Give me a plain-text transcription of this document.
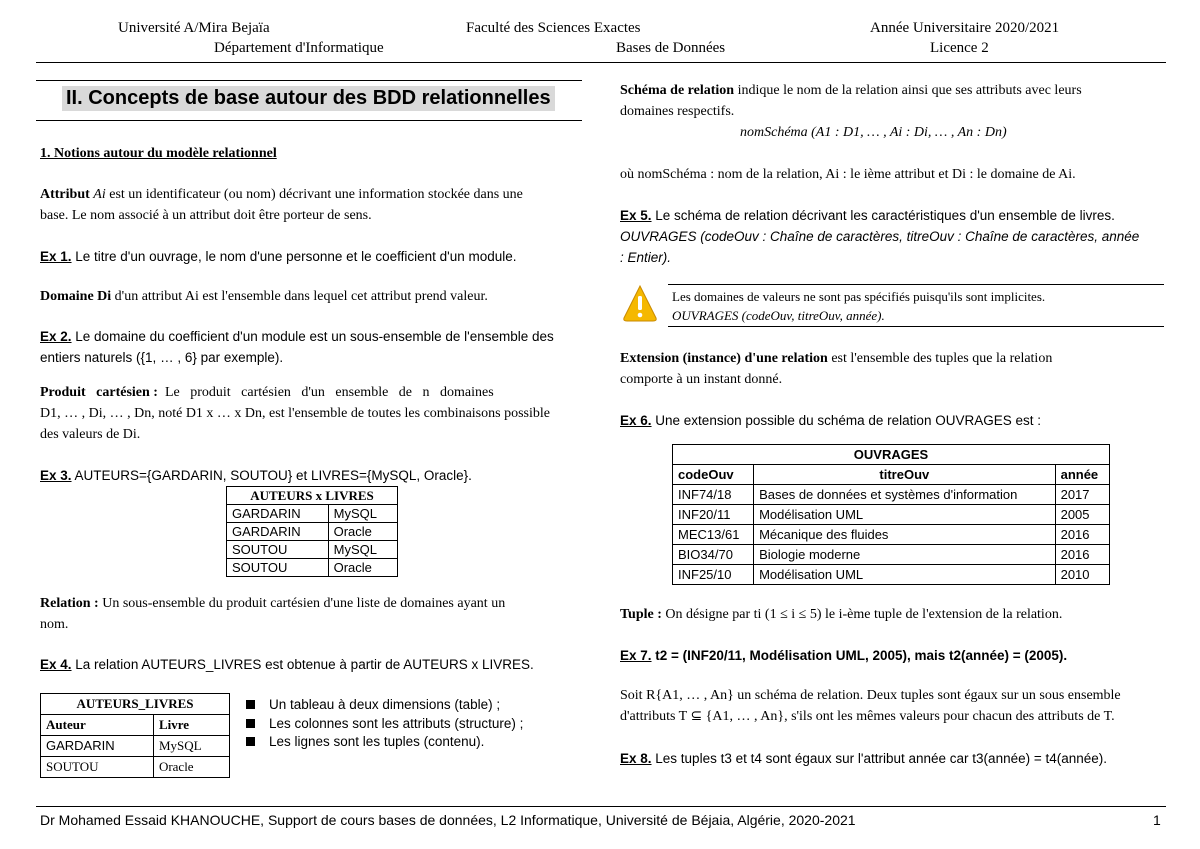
Université A/Mira Bejaïa	Faculté des Sciences Exactes	Année Universitaire 2020/2021
Département d'Informatique	Bases de Données	Licence 2
II. Concepts de base autour des BDD relationnelles
1. Notions autour du modèle relationnel
Attribut Ai est un identificateur (ou nom) décrivant une information stockée dans une
base. Le nom associé à un attribut doit être porteur de sens.
Ex 1. Le titre d'un ouvrage, le nom d'une personne et le coefficient d'un module.
Domaine Di d'un attribut Ai est l'ensemble dans lequel cet attribut prend valeur.
Ex 2. Le domaine du coefficient d'un module est un sous-ensemble de l'ensemble des
entiers naturels ({1, … , 6} par exemple).
Produit   cartésien :  Le   produit   cartésien   d'un   ensemble   de   n   domaines
D1, … , Di, … , Dn, noté D1 x … x Dn, est l'ensemble de toutes les combinaisons possible
des valeurs de Di.
Ex 3. AUTEURS={GARDARIN, SOUTOU} et LIVRES={MySQL, Oracle}.
AUTEURS x LIVRES	
GARDARIN	MySQL
GARDARIN	Oracle
SOUTOU	MySQL
SOUTOU	Oracle
Relation : Un sous-ensemble du produit cartésien d'une liste de domaines ayant un
nom.
Ex 4. La relation AUTEURS_LIVRES est obtenue à partir de AUTEURS x LIVRES.
AUTEURS_LIVRES	
Auteur	Livre
GARDARIN	MySQL
SOUTOU	Oracle
Un tableau à deux dimensions (table) ;
Les colonnes sont les attributs (structure) ;
Les lignes sont les tuples (contenu).
Schéma de relation indique le nom de la relation ainsi que ses attributs avec leurs
domaines respectifs.
nomSchéma (A1 : D1, … , Ai : Di, … , An : Dn)
où nomSchéma : nom de la relation, Ai : le ième attribut et Di : le domaine de Ai.
Ex 5. Le schéma de relation décrivant les caractéristiques d'un ensemble de livres.
OUVRAGES (codeOuv : Chaîne de caractères, titreOuv : Chaîne de caractères, année
: Entier).
Les domaines de valeurs ne sont pas spécifiés puisqu'ils sont implicites.
OUVRAGES (codeOuv, titreOuv, année).
Extension (instance) d'une relation est l'ensemble des tuples que la relation
comporte à un instant donné.
Ex 6. Une extension possible du schéma de relation OUVRAGES est :
OUVRAGES		
codeOuv	titreOuv	année
INF74/18	Bases de données et systèmes d'information	2017
INF20/11	Modélisation UML	2005
MEC13/61	Mécanique des fluides	2016
BIO34/70	Biologie moderne	2016
INF25/10	Modélisation UML	2010
Tuple : On désigne par ti (1 ≤ i ≤ 5) le i-ème tuple de l'extension de la relation.
Ex 7. t2 = (INF20/11, Modélisation UML, 2005), mais t2(année) = (2005).
Soit R{A1, … , An} un schéma de relation. Deux tuples sont égaux sur un sous ensemble
d'attributs T ⊆ {A1, … , An}, s'ils ont les mêmes valeurs pour chacun des attributs de T.
Ex 8. Les tuples t3 et t4 sont égaux sur l'attribut année car t3(année) = t4(année).
Dr Mohamed Essaid KHANOUCHE, Support de cours bases de données, L2 Informatique, Université de Béjaia, Algérie, 2020-2021	1
